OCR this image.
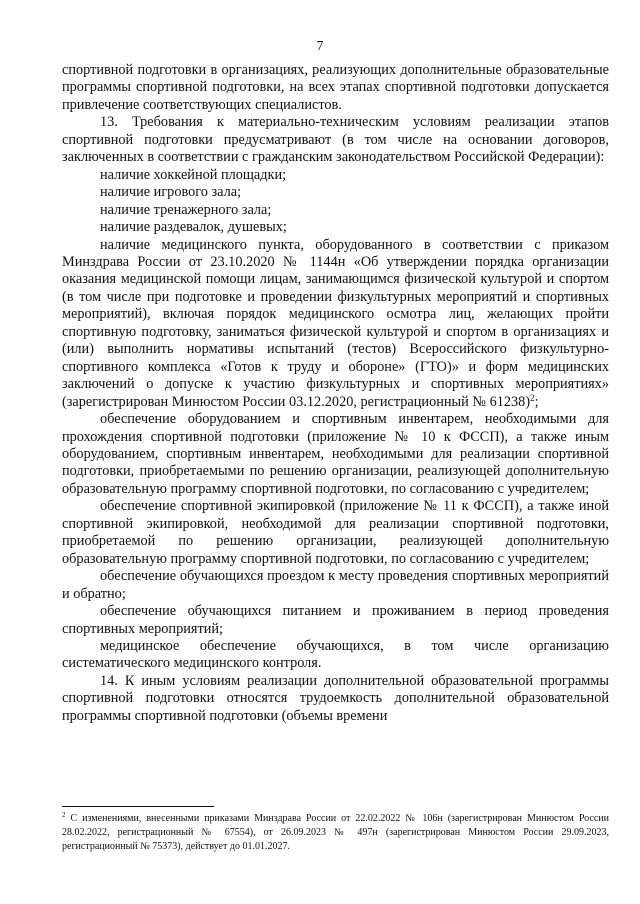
7

спортивной подготовки в организациях, реализующих дополнительные образовательные программы спортивной подготовки, на всех этапах спортивной подготовки допускается привлечение соответствующих специалистов.

13. Требования к материально-техническим условиям реализации этапов спортивной подготовки предусматривают (в том числе на основании договоров, заключенных в соответствии с гражданским законодательством Российской Федерации):

наличие хоккейной площадки;

наличие игрового зала;

наличие тренажерного зала;

наличие раздевалок, душевых;

наличие медицинского пункта, оборудованного в соответствии с приказом Минздрава России от 23.10.2020 № 1144н «Об утверждении порядка организации оказания медицинской помощи лицам, занимающимся физической культурой и спортом (в том числе при подготовке и проведении физкультурных мероприятий и спортивных мероприятий), включая порядок медицинского осмотра лиц, желающих пройти спортивную подготовку, заниматься физической культурой и спортом в организациях и (или) выполнить нормативы испытаний (тестов) Всероссийского физкультурно-спортивного комплекса «Готов к труду и обороне» (ГТО)» и форм медицинских заключений о допуске к участию физкультурных и спортивных мероприятиях» (зарегистрирован Минюстом России 03.12.2020, регистрационный № 61238)$^2$;

обеспечение оборудованием и спортивным инвентарем, необходимыми для прохождения спортивной подготовки (приложение № 10 к ФССП), а также иным оборудованием, спортивным инвентарем, необходимыми для реализации спортивной подготовки, приобретаемыми по решению организации, реализующей дополнительную образовательную программу спортивной подготовки, по согласованию с учредителем;

обеспечение спортивной экипировкой (приложение № 11 к ФССП), а также иной спортивной экипировкой, необходимой для реализации спортивной подготовки, приобретаемой по решению организации, реализующей дополнительную образовательную программу спортивной подготовки, по согласованию с учредителем;

обеспечение обучающихся проездом к месту проведения спортивных мероприятий и обратно;

обеспечение обучающихся питанием и проживанием в период проведения спортивных мероприятий;

медицинское обеспечение обучающихся, в том числе организацию систематического медицинского контроля.

14. К иным условиям реализации дополнительной образовательной программы спортивной подготовки относятся трудоемкость дополнительной образовательной программы спортивной подготовки (объемы времени

$^2$ С изменениями, внесенными приказами Минздрава России от 22.02.2022 № 106н (зарегистрирован Минюстом России 28.02.2022, регистрационный № 67554), от 26.09.2023 № 497н (зарегистрирован Минюстом России 29.09.2023, регистрационный № 75373), действует до 01.01.2027.
